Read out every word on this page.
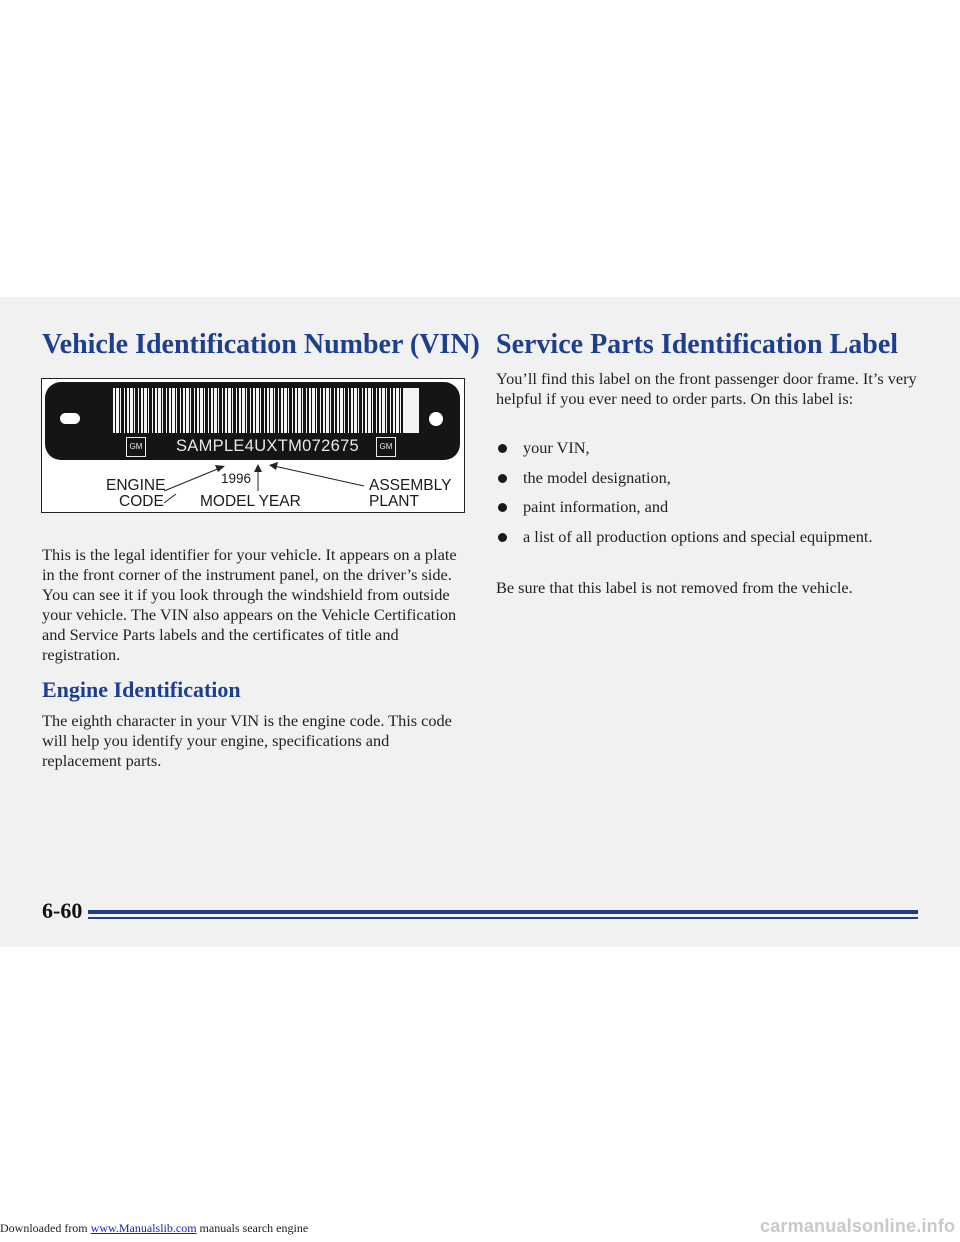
Vehicle Identification Number (VIN)
GM SAMPLE4UXTM072675	GM
ENGINE
CODE
1996
MODEL YEAR
ASSEMBLY
PLANT

This is the legal identifier for your vehicle. It appears on a plate in the front corner of the instrument panel, on the driver’s side. You can see it if you look through the windshield from outside your vehicle. The VIN also appears on the Vehicle Certification and Service Parts labels and the certificates of title and registration.

Engine Identification

The eighth character in your VIN is the engine code. This code will help you identify your engine, specifications and replacement parts.

Service Parts Identification Label

You’ll find this label on the front passenger door frame. It’s very helpful if you ever need to order parts. On this label is:

your VIN,
the model designation,
paint information, and
a list of all production options and special equipment.

Be sure that this label is not removed from the vehicle.

6-60
Downloaded from www.Manualslib.com manuals search engine	carmanualsonline.info
